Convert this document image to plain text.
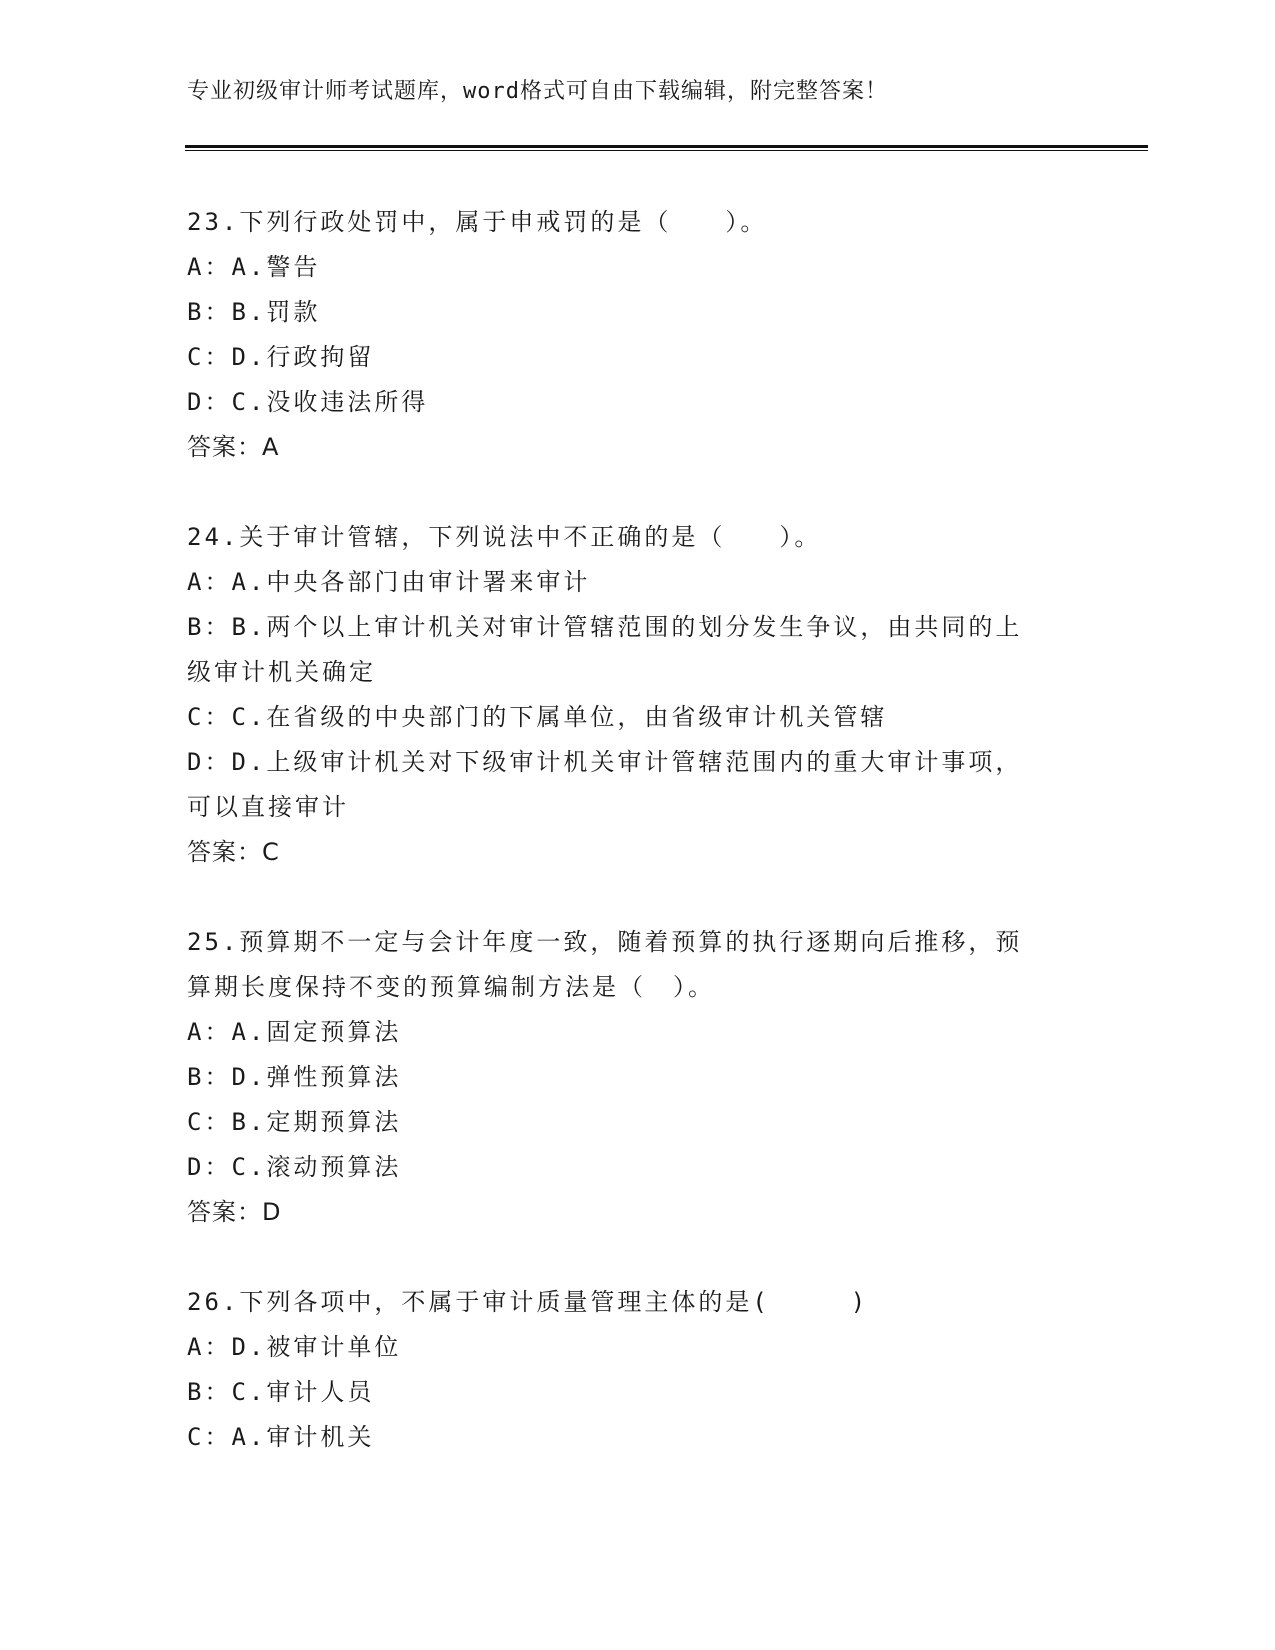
专业初级审计师考试题库，word格式可自由下载编辑，附完整答案！
23.下列行政处罚中，属于申戒罚的是（　　）。
A：A.警告
B：B.罚款
C：D.行政拘留
D：C.没收违法所得
答案：A
24.关于审计管辖，下列说法中不正确的是（　　）。
A：A.中央各部门由审计署来审计
B：B.两个以上审计机关对审计管辖范围的划分发生争议，由共同的上
级审计机关确定
C：C.在省级的中央部门的下属单位，由省级审计机关管辖
D：D.上级审计机关对下级审计机关审计管辖范围内的重大审计事项，
可以直接审计
答案：C
25.预算期不一定与会计年度一致，随着预算的执行逐期向后推移，预
算期长度保持不变的预算编制方法是（　）。
A：A.固定预算法
B：D.弹性预算法
C：B.定期预算法
D：C.滚动预算法
答案：D
26.下列各项中，不属于审计质量管理主体的是(　　　)
A：D.被审计单位
B：C.审计人员
C：A.审计机关
